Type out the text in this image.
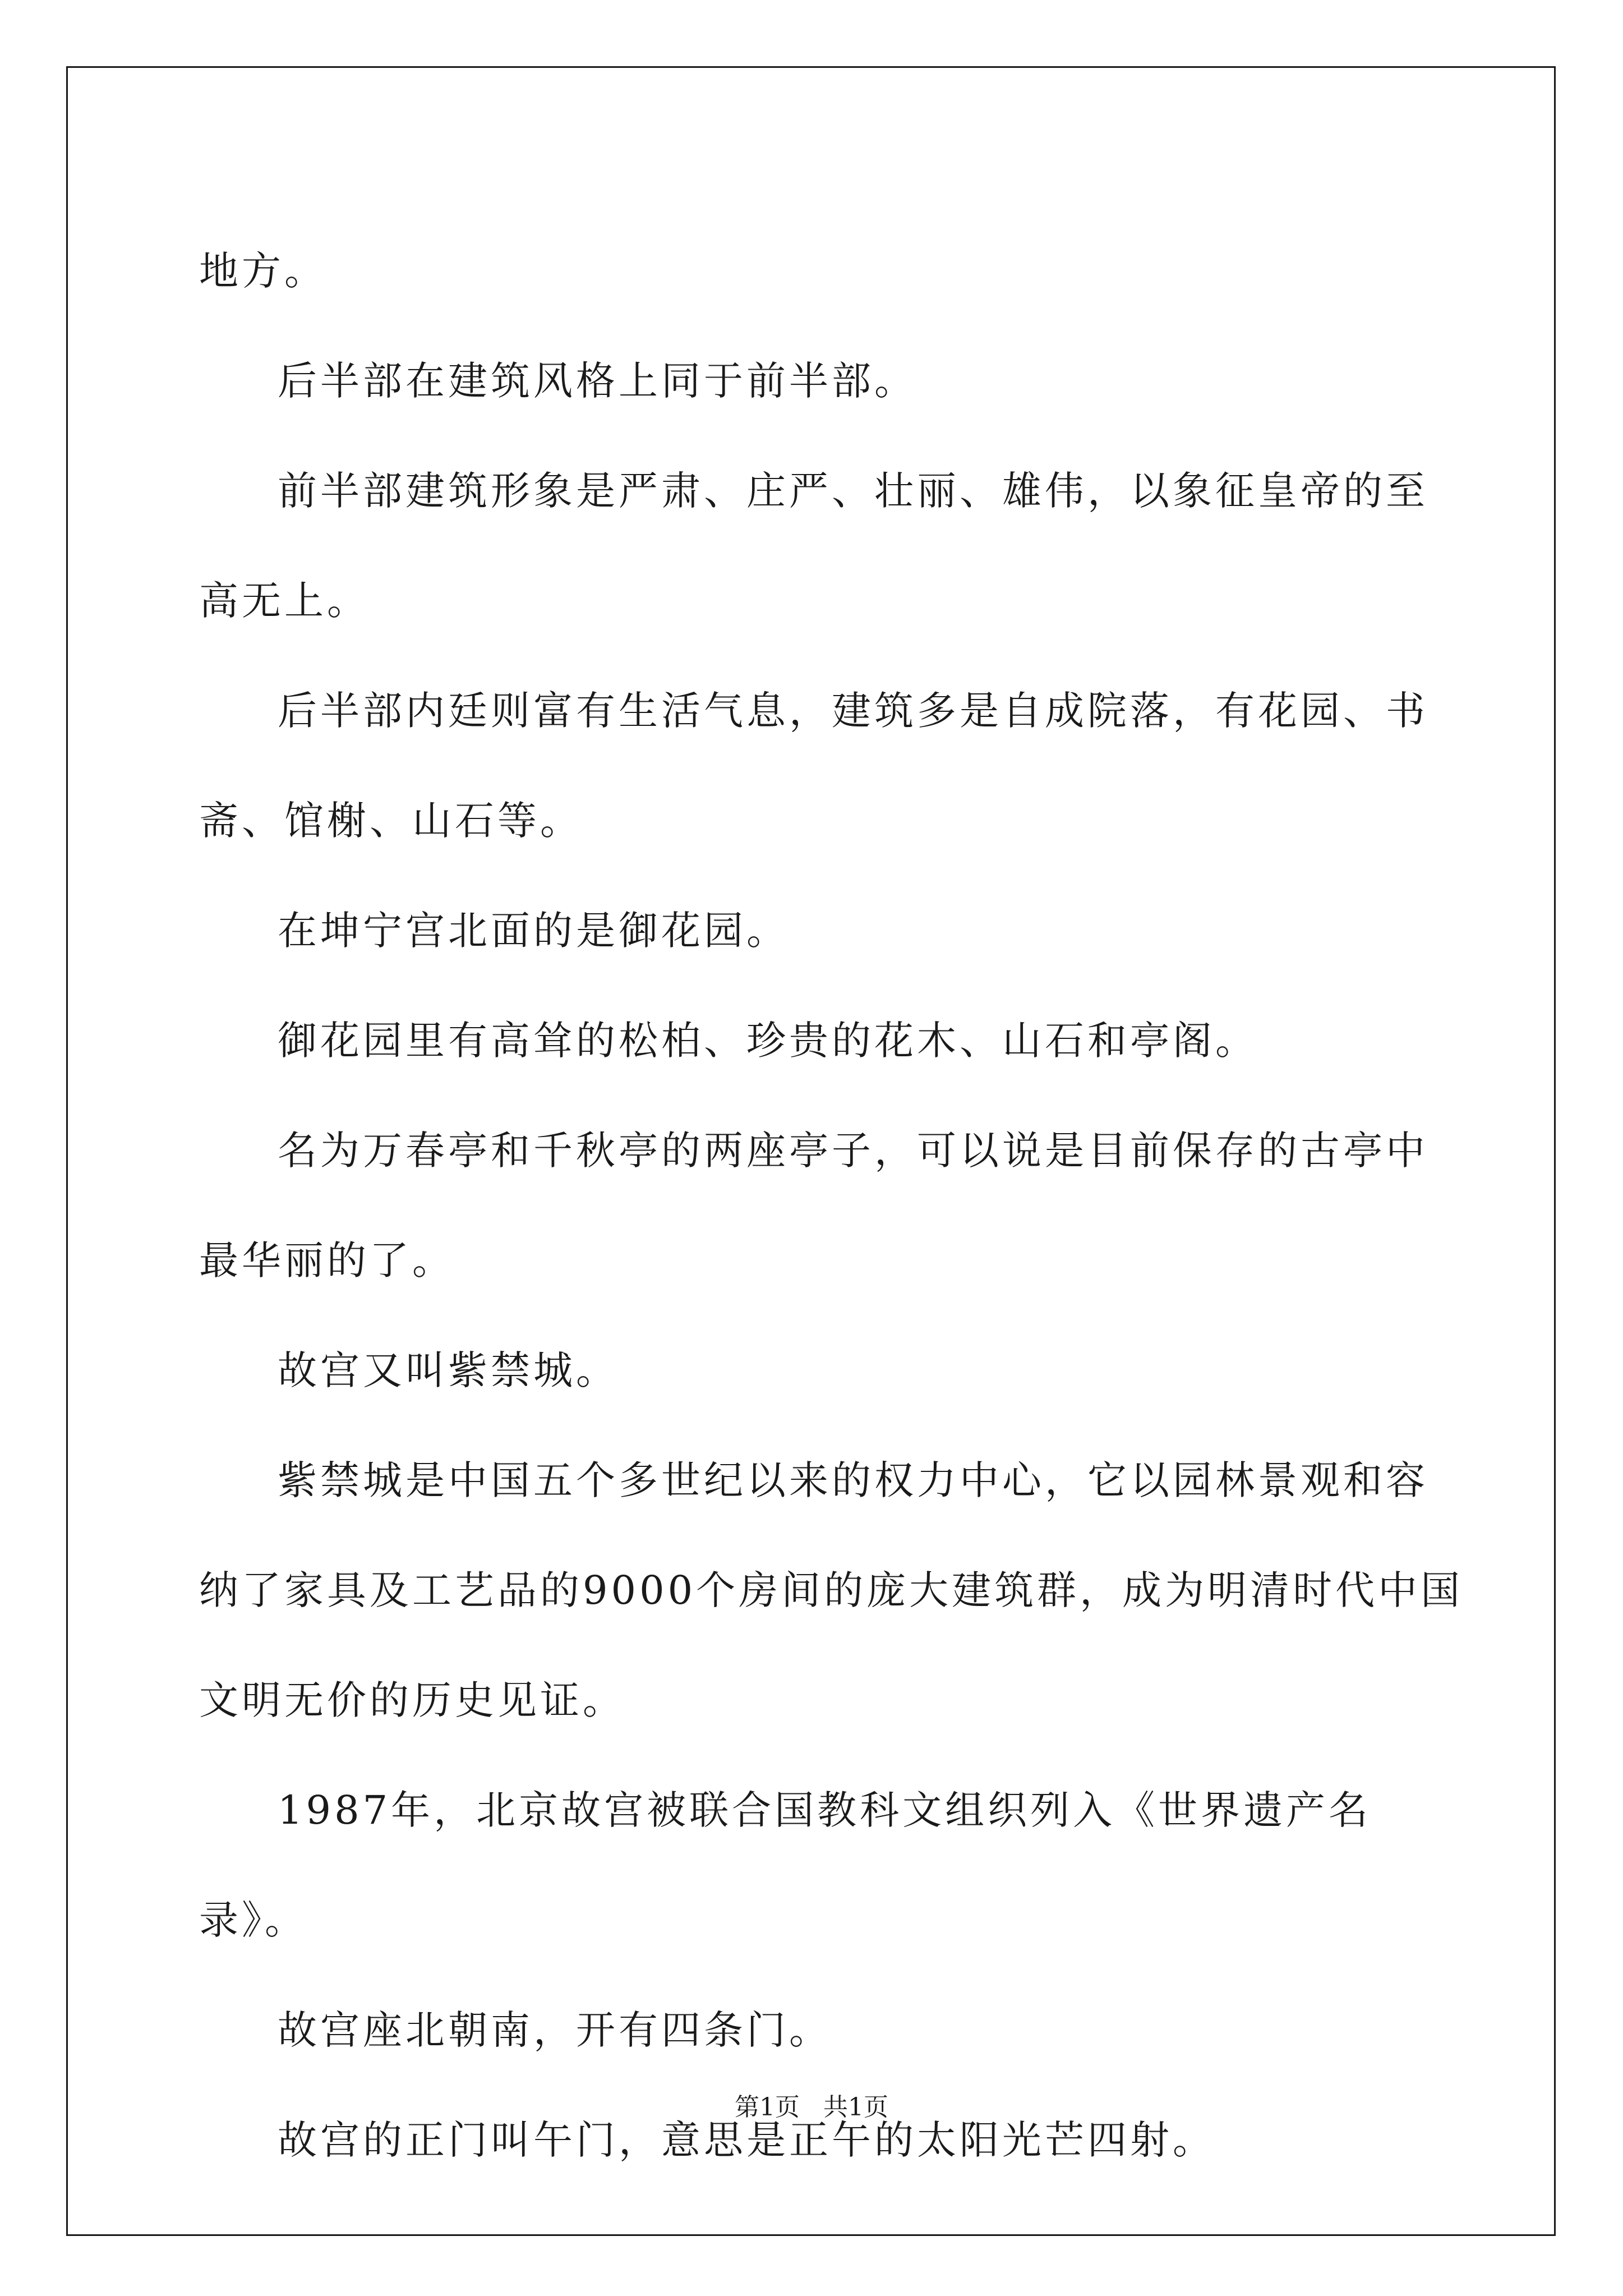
地方。

后半部在建筑风格上同于前半部。

前半部建筑形象是严肃、庄严、壮丽、雄伟，以象征皇帝的至高无上。

后半部内廷则富有生活气息，建筑多是自成院落，有花园、书斋、馆榭、山石等。

在坤宁宫北面的是御花园。

御花园里有高耸的松柏、珍贵的花木、山石和亭阁。

名为万春亭和千秋亭的两座亭子，可以说是目前保存的古亭中最华丽的了。

故宫又叫紫禁城。

紫禁城是中国五个多世纪以来的权力中心，它以园林景观和容纳了家具及工艺品的9000个房间的庞大建筑群，成为明清时代中国文明无价的历史见证。

1987年，北京故宫被联合国教科文组织列入《世界遗产名录》。

故宫座北朝南，开有四条门。

故宫的正门叫午门，意思是正午的太阳光芒四射。

第1页   共1页
